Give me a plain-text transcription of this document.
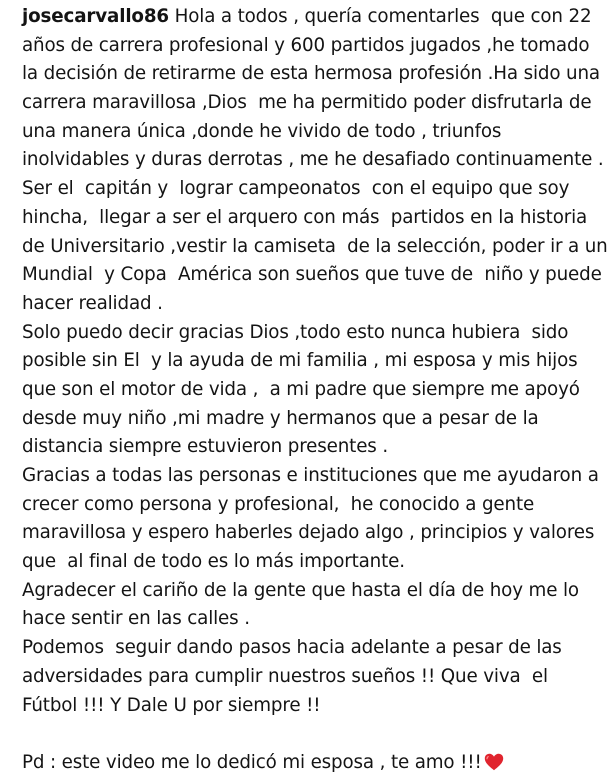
josecarvallo86 Hola a todos , quería comentarles  que con 22
años de carrera profesional y 600 partidos jugados ,he tomado
la decisión de retirarme de esta hermosa profesión .Ha sido una
carrera maravillosa ,Dios  me ha permitido poder disfrutarla de
una manera única ,donde he vivido de todo , triunfos
inolvidables y duras derrotas , me he desafiado continuamente .
Ser el  capitán y  lograr campeonatos  con el equipo que soy
hincha,  llegar a ser el arquero con más  partidos en la historia
de Universitario ,vestir la camiseta  de la selección, poder ir a un
Mundial  y Copa  América son sueños que tuve de  niño y puede
hacer realidad .
Solo puedo decir gracias Dios ,todo esto nunca hubiera  sido
posible sin El  y la ayuda de mi familia , mi esposa y mis hijos
que son el motor de vida ,  a mi padre que siempre me apoyó
desde muy niño ,mi madre y hermanos que a pesar de la
distancia siempre estuvieron presentes .
Gracias a todas las personas e instituciones que me ayudaron a
crecer como persona y profesional,  he conocido a gente
maravillosa y espero haberles dejado algo , principios y valores
que  al final de todo es lo más importante.
Agradecer el cariño de la gente que hasta el día de hoy me lo
hace sentir en las calles .
Podemos  seguir dando pasos hacia adelante a pesar de las
adversidades para cumplir nuestros sueños !! Que viva  el
Fútbol !!! Y Dale U por siempre !!
Pd : este video me lo dedicó mi esposa , te amo !!!
